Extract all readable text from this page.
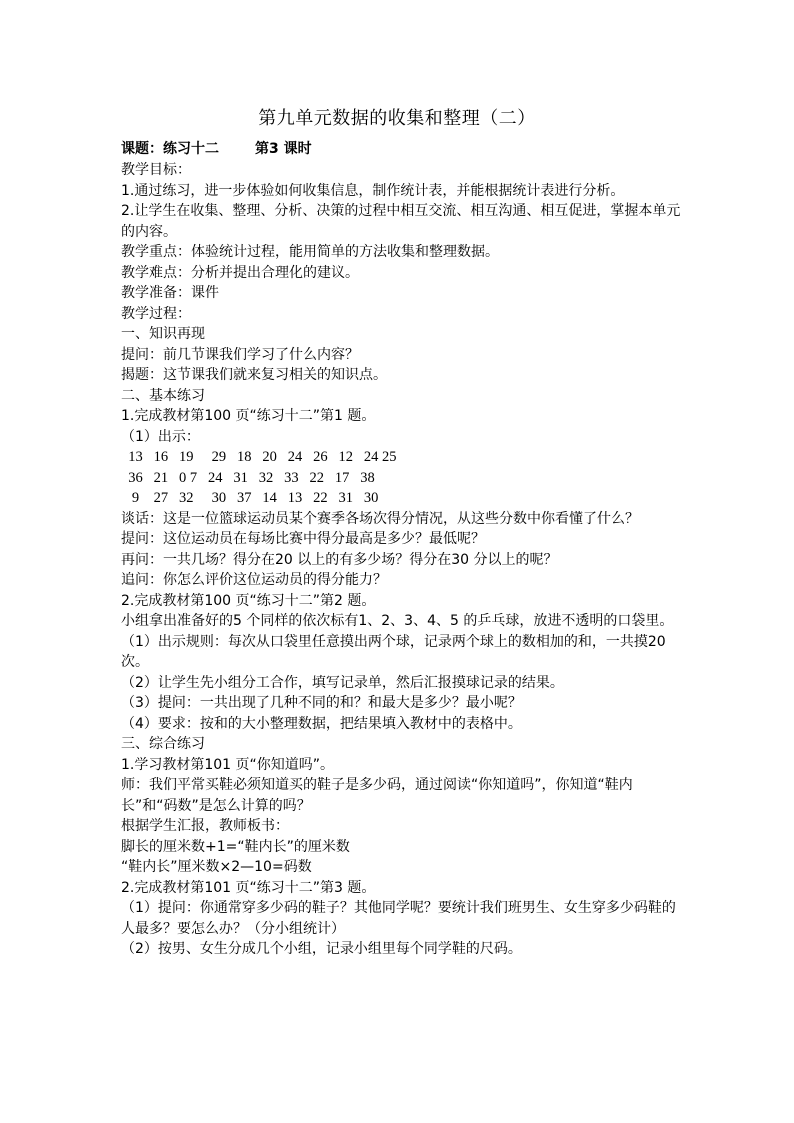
第九单元数据的收集和整理（二）
课题：练习十二	第3 课时
教学目标：
1.通过练习，进一步体验如何收集信息，制作统计表，并能根据统计表进行分析。
2.让学生在收集、整理、分析、决策的过程中相互交流、相互沟通、相互促进，掌握本单元的内容。
教学重点：体验统计过程，能用简单的方法收集和整理数据。
教学难点：分析并提出合理化的建议。
教学准备：课件
教学过程：
一、知识再现
提问：前几节课我们学习了什么内容？
揭题：这节课我们就来复习相关的知识点。
二、基本练习
1.完成教材第100 页“练习十二”第1 题。
（1）出示：
13   16   19     29   18   20   24   26   12   24 25
36   21   0 7   24   31   32   33   22   17   38
9    27   32     30   37   14   13   22   31   30
谈话：这是一位篮球运动员某个赛季各场次得分情况，从这些分数中你看懂了什么？
提问：这位运动员在每场比赛中得分最高是多少？最低呢？
再问：一共几场？得分在20 以上的有多少场？得分在30 分以上的呢？
追问：你怎么评价这位运动员的得分能力？
2.完成教材第100 页“练习十二”第2 题。
小组拿出准备好的5 个同样的依次标有1、2、3、4、5 的乒乓球，放进不透明的口袋里。
（1）出示规则：每次从口袋里任意摸出两个球，记录两个球上的数相加的和，一共摸20 次。
（2）让学生先小组分工合作，填写记录单，然后汇报摸球记录的结果。
（3）提问：一共出现了几种不同的和？和最大是多少？最小呢？
（4）要求：按和的大小整理数据，把结果填入教材中的表格中。
三、综合练习
1.学习教材第101 页“你知道吗”。
师：我们平常买鞋必须知道买的鞋子是多少码，通过阅读“你知道吗”，你知道“鞋内长”和“码数”是怎么计算的吗？
根据学生汇报，教师板书：
脚长的厘米数+1=“鞋内长”的厘米数
“鞋内长”厘米数×2—10=码数
2.完成教材第101 页“练习十二”第3 题。
（1）提问：你通常穿多少码的鞋子？其他同学呢？要统计我们班男生、女生穿多少码鞋的人最多？要怎么办？（分小组统计）
（2）按男、女生分成几个小组，记录小组里每个同学鞋的尺码。
